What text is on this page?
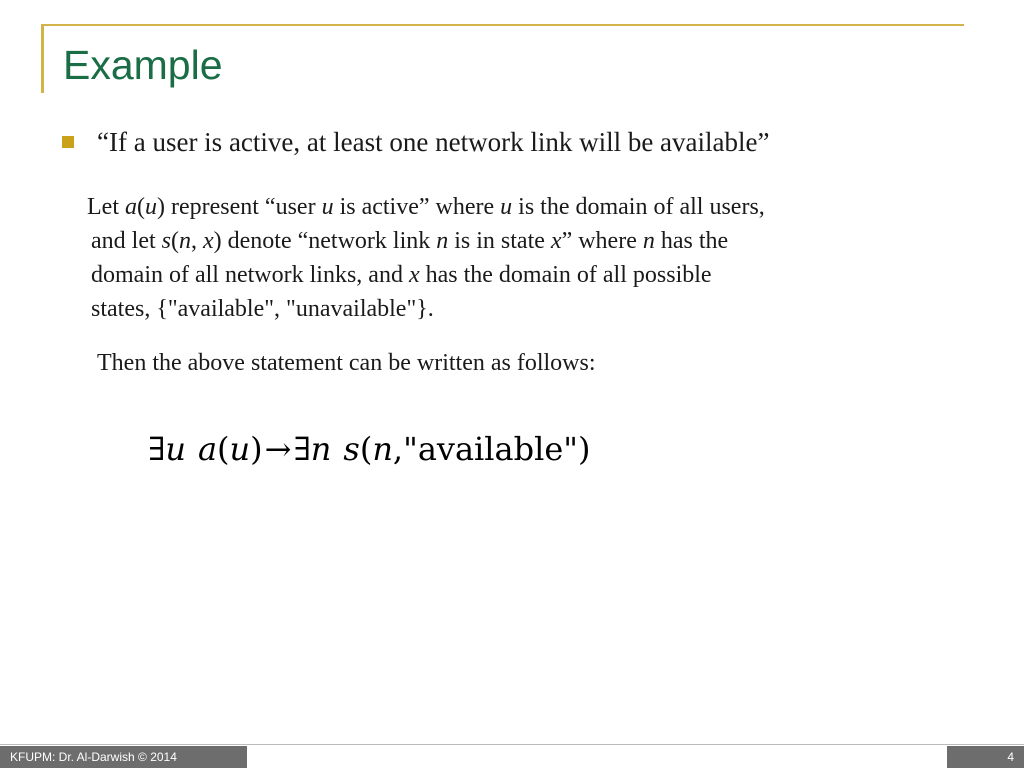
Example
“If a user is active, at least one network link will be available”

Let a(u) represent “user u is active” where u is the domain of all users,
and let s(n, x) denote “network link n is in state x” where n has the
domain of all network links, and x has the domain of all possible
states, {"available", "unavailable"}.

Then the above statement can be written as follows:

∃u a(u)→∃n s(n,"available")
KFUPM: Dr. Al-Darwish © 2014	4
